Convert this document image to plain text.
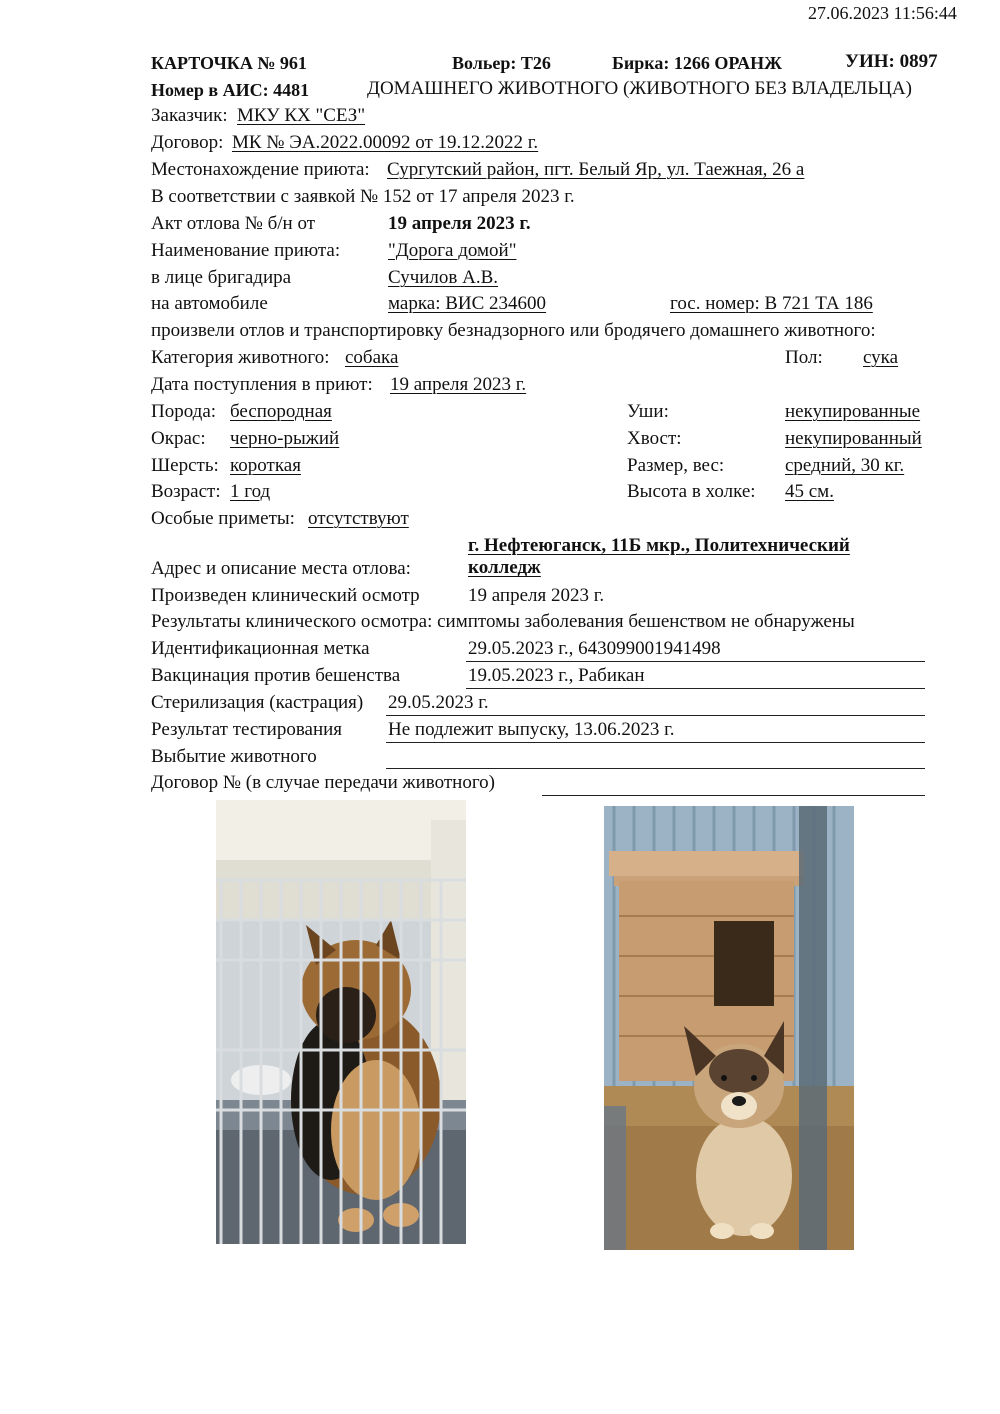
27.06.2023 11:56:44
КАРТОЧКА № 961	Вольер: Т26	Бирка: 1266 ОРАНЖ	УИН: 0897
Номер в АИС: 4481	ДОМАШНЕГО ЖИВОТНОГО (ЖИВОТНОГО БЕЗ ВЛАДЕЛЬЦА)
Заказчик: МКУ КХ "СЕЗ"
Договор: МК № ЭА.2022.00092 от 19.12.2022 г.
Местонахождение приюта: Сургутский район, пгт. Белый Яр, ул. Таежная, 26 а
В соответствии с заявкой № 152 от 17 апреля 2023 г.
Акт отлова № б/н от	19 апреля 2023 г.
Наименование приюта:	"Дорога домой"
в лице бригадира	Сучилов А.В.
на автомобиле	марка: ВИС 234600	гос. номер: В 721 ТА 186
произвели отлов и транспортировку безнадзорного или бродячего домашнего животного:
Категория животного: собака	Пол: сука
Дата поступления в приют: 19 апреля 2023 г.
Порода: беспородная	Уши:	некупированные
Окрас: черно-рыжий	Хвост:	некупированный
Шерсть: короткая	Размер, вес:	средний, 30 кг.
Возраст: 1 год	Высота в холке: 45 см.
Особые приметы: отсутствуют
г. Нефтеюганск, 11Б мкр., Политехнический
Адрес и описание места отлова:	колледж
Произведен клинический осмотр	19 апреля 2023 г.
Результаты клинического осмотра: симптомы заболевания бешенством не обнаружены
Идентификационная метка	29.05.2023 г., 643099001941498
Вакцинация против бешенства	19.05.2023 г., Рабикан
Стерилизация (кастрация) 29.05.2023 г.
Результат тестирования Не подлежит выпуску, 13.06.2023 г.
Выбытие животного
Договор № (в случае передачи животного)
